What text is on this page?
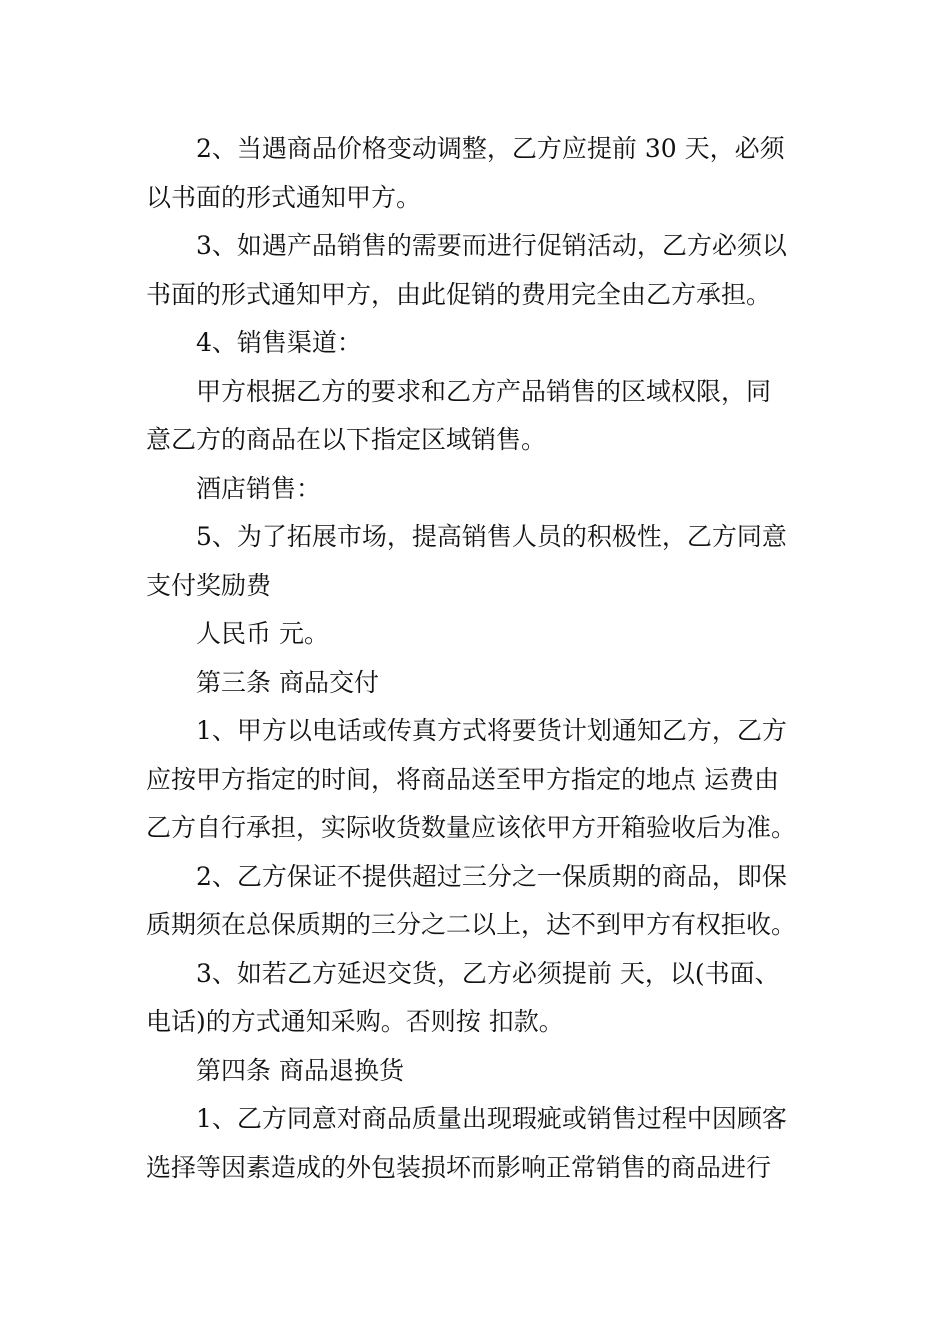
2、当遇商品价格变动调整，乙方应提前 30 天，必须
以书面的形式通知甲方。
3、如遇产品销售的需要而进行促销活动，乙方必须以
书面的形式通知甲方，由此促销的费用完全由乙方承担。
4、销售渠道：
甲方根据乙方的要求和乙方产品销售的区域权限，同
意乙方的商品在以下指定区域销售。
酒店销售：
5、为了拓展市场，提高销售人员的积极性，乙方同意
支付奖励费
人民币 元。
第三条 商品交付
1、甲方以电话或传真方式将要货计划通知乙方，乙方
应按甲方指定的时间，将商品送至甲方指定的地点 运费由
乙方自行承担，实际收货数量应该依甲方开箱验收后为准。
2、乙方保证不提供超过三分之一保质期的商品，即保
质期须在总保质期的三分之二以上，达不到甲方有权拒收。
3、如若乙方延迟交货，乙方必须提前 天，以(书面、
电话)的方式通知采购。否则按 扣款。
第四条 商品退换货
1、乙方同意对商品质量出现瑕疵或销售过程中因顾客
选择等因素造成的外包装损坏而影响正常销售的商品进行
